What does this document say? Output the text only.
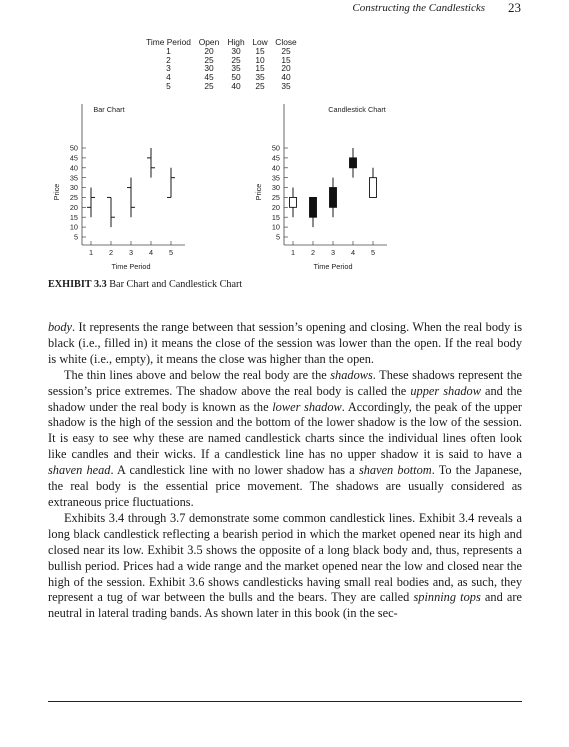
Constructing the Candlesticks 23
Time Period	Open	High	Low	Close
1	20	30	15	25
2	25	25	10	15
3	30	35	15	20
4	45	50	35	40
5	25	40	25	35
Bar Chart
50
45
40
35
30
25
20
15
10
5
1 2 3 4 5
Time Period
Price
Candlestick Chart
50
45
40
35
30
25
20
15
10
5
1 2 3 4 5
Time Period
Price
EXHIBIT 3.3 Bar Chart and Candlestick Chart

body. It represents the range between that session’s opening and closing. When the real body is black (i.e., filled in) it means the close of the session was lower than the open. If the real body is white (i.e., empty), it means the close was higher than the open.

The thin lines above and below the real body are the shadows. These shadows represent the session’s price extremes. The shadow above the real body is called the upper shadow and the shadow under the real body is known as the lower shadow. Accordingly, the peak of the upper shadow is the high of the session and the bottom of the lower shadow is the low of the session. It is easy to see why these are named candlestick charts since the individual lines often look like candles and their wicks. If a candlestick line has no upper shadow it is said to have a shaven head. A candlestick line with no lower shadow has a shaven bottom. To the Japanese, the real body is the essential price movement. The shadows are usually considered as extraneous price fluctuations.

Exhibits 3.4 through 3.7 demonstrate some common candlestick lines. Exhibit 3.4 reveals a long black candlestick reflecting a bearish period in which the market opened near its high and closed near its low. Exhibit 3.5 shows the opposite of a long black body and, thus, represents a bullish period. Prices had a wide range and the market opened near the low and closed near the high of the session. Exhibit 3.6 shows candlesticks having small real bodies and, as such, they represent a tug of war between the bulls and the bears. They are called spinning tops and are neutral in lateral trading bands. As shown later in this book (in the sec-
